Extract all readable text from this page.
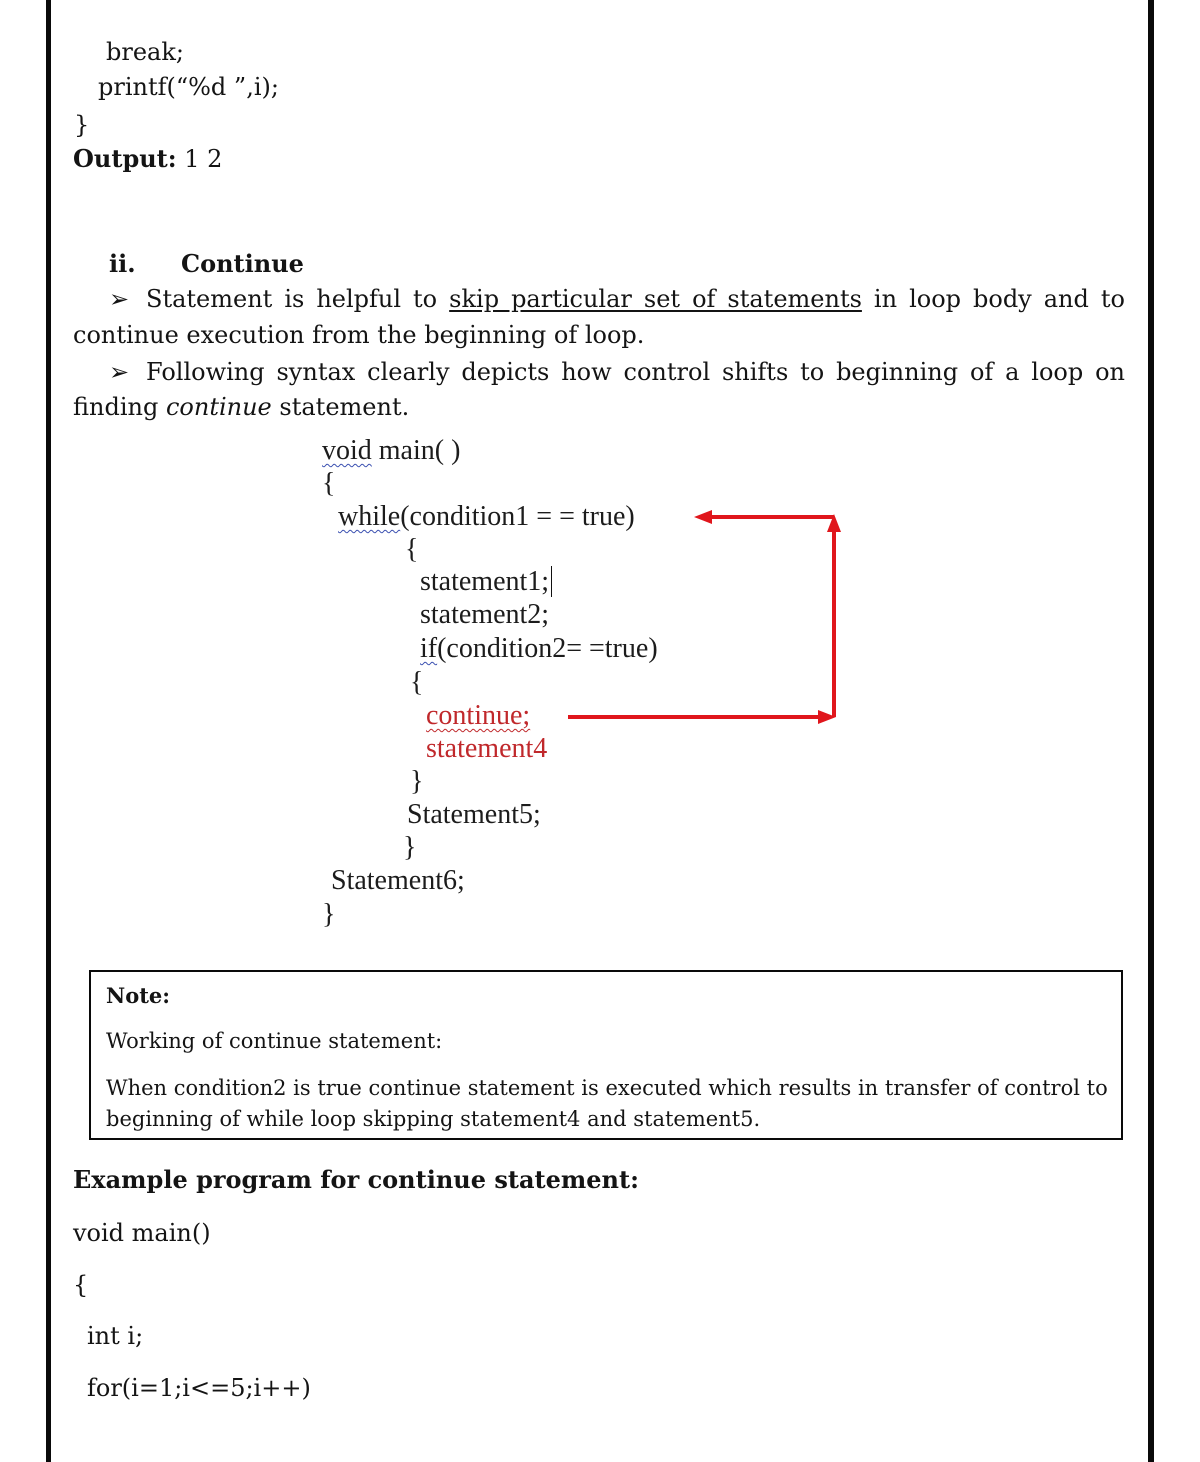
break;
printf(“%d ”,i);
}
Output: 1 2
ii. Continue
➢ Statement is helpful to skip particular set of statements in loop body and to
continue execution from the beginning of loop.
➢ Following syntax clearly depicts how control shifts to beginning of a loop on
finding continue statement.
void main( )
{
while(condition1 = = true)
{
statement1;
statement2;
if(condition2= =true)
{
continue;
statement4
}
Statement5;
}
Statement6;
}
Note:
Working of continue statement:
When condition2 is true continue statement is executed which results in transfer of control to
beginning of while loop skipping statement4 and statement5.
Example program for continue statement:
void main()
{
int i;
for(i=1;i<=5;i++)
